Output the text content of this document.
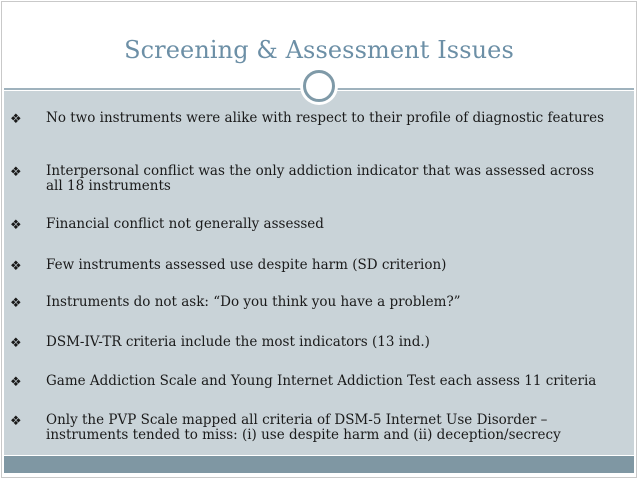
Screening & Assessment Issues
❖ No two instruments were alike with respect to their profile of diagnostic features
❖ Interpersonal conflict was the only addiction indicator that was assessed across all 18 instruments
❖ Financial conflict not generally assessed
❖ Few instruments assessed use despite harm (SD criterion)
❖ Instruments do not ask: “Do you think you have a problem?”
❖ DSM-IV-TR criteria include the most indicators (13 ind.)
❖ Game Addiction Scale and Young Internet Addiction Test each assess 11 criteria
❖ Only the PVP Scale mapped all criteria of DSM-5 Internet Use Disorder – instruments tended to miss: (i) use despite harm and (ii) deception/secrecy
